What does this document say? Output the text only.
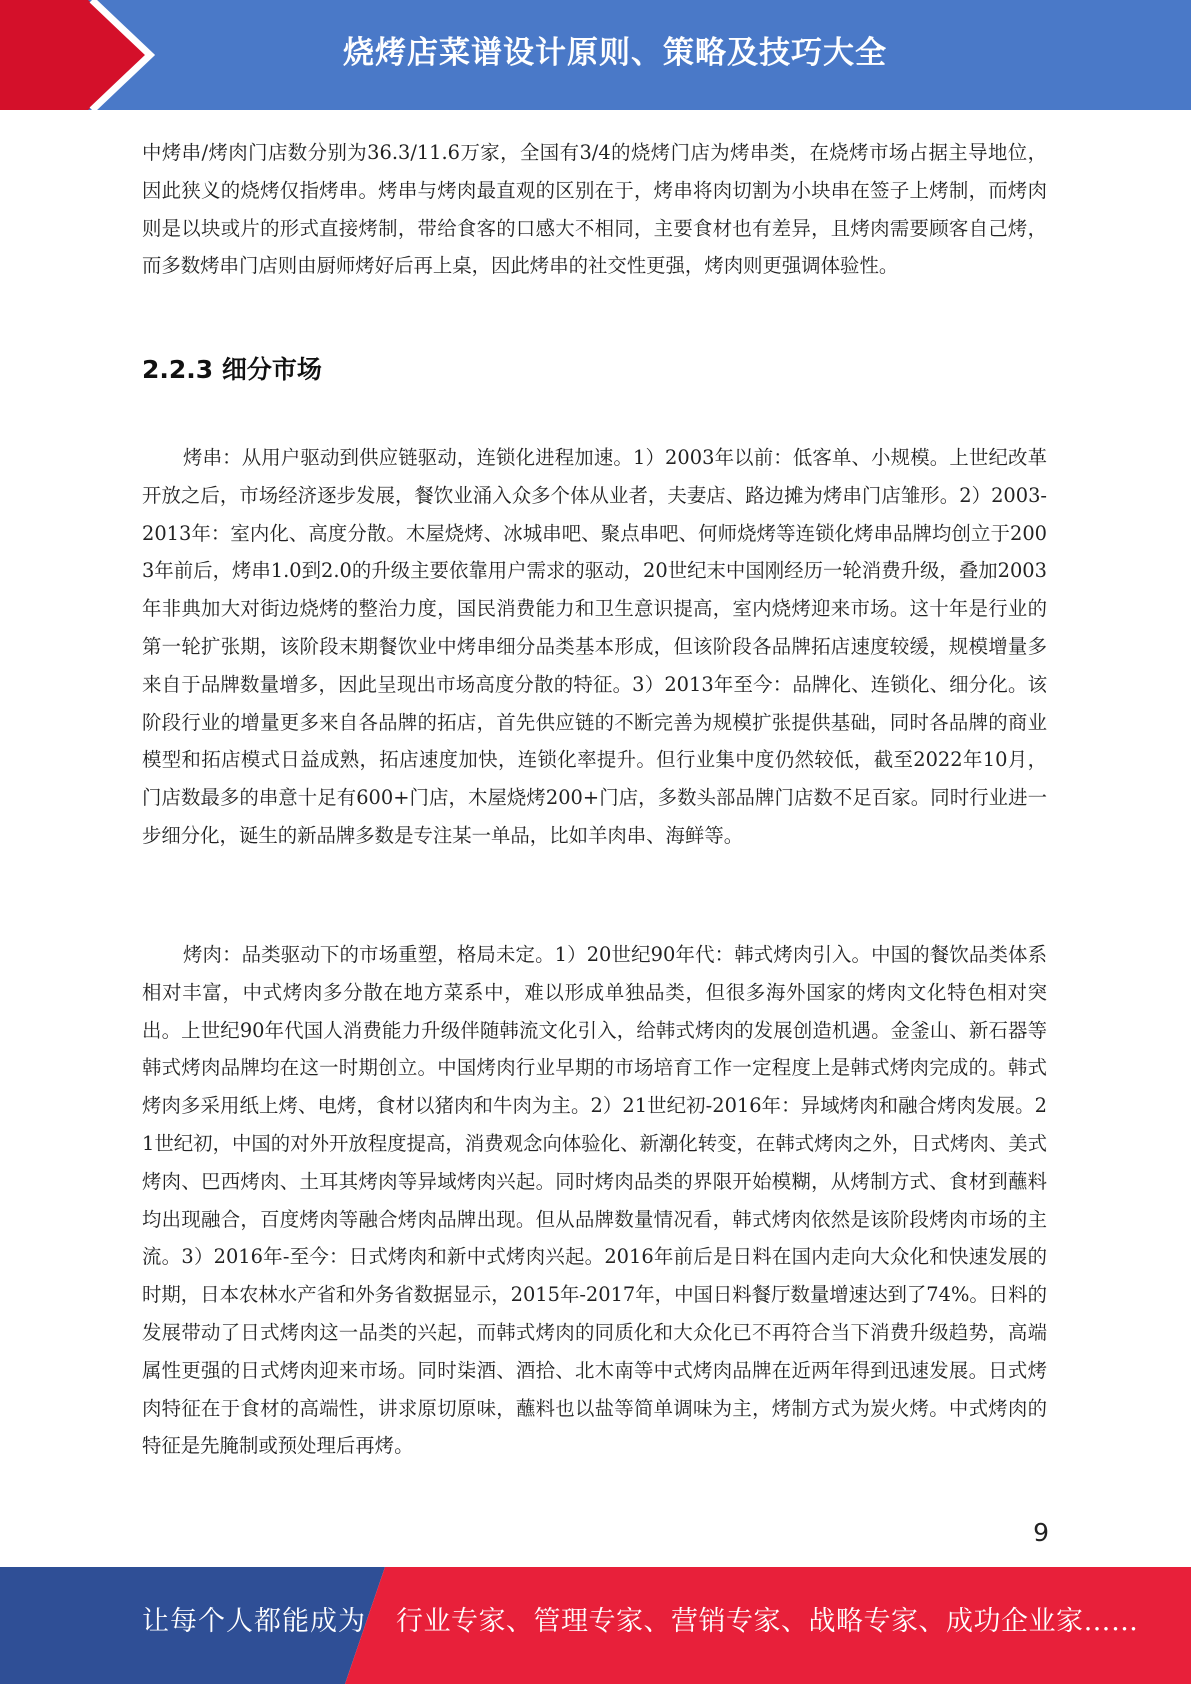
烧烤店菜谱设计原则、策略及技巧大全

中烤串/烤肉门店数分别为36.3/11.6万家，全国有3/4的烧烤门店为烤串类，在烧烤市场占据主导地位，因此狭义的烧烤仅指烤串。烤串与烤肉最直观的区别在于，烤串将肉切割为小块串在签子上烤制，而烤肉则是以块或片的形式直接烤制，带给食客的口感大不相同，主要食材也有差异，且烤肉需要顾客自己烤，而多数烤串门店则由厨师烤好后再上桌，因此烤串的社交性更强，烤肉则更强调体验性。

2.2.3 细分市场

烤串：从用户驱动到供应链驱动，连锁化进程加速。1）2003年以前：低客单、小规模。上世纪改革开放之后，市场经济逐步发展，餐饮业涌入众多个体从业者，夫妻店、路边摊为烤串门店雏形。2）2003-2013年：室内化、高度分散。木屋烧烤、冰城串吧、聚点串吧、何师烧烤等连锁化烤串品牌均创立于2003年前后，烤串1.0到2.0的升级主要依靠用户需求的驱动，20世纪末中国刚经历一轮消费升级，叠加2003年非典加大对街边烧烤的整治力度，国民消费能力和卫生意识提高，室内烧烤迎来市场。这十年是行业的第一轮扩张期，该阶段末期餐饮业中烤串细分品类基本形成，但该阶段各品牌拓店速度较缓，规模增量多来自于品牌数量增多，因此呈现出市场高度分散的特征。3）2013年至今：品牌化、连锁化、细分化。该阶段行业的增量更多来自各品牌的拓店，首先供应链的不断完善为规模扩张提供基础，同时各品牌的商业模型和拓店模式日益成熟，拓店速度加快，连锁化率提升。但行业集中度仍然较低，截至2022年10月，门店数最多的串意十足有600+门店，木屋烧烤200+门店，多数头部品牌门店数不足百家。同时行业进一步细分化，诞生的新品牌多数是专注某一单品，比如羊肉串、海鲜等。

烤肉：品类驱动下的市场重塑，格局未定。1）20世纪90年代：韩式烤肉引入。中国的餐饮品类体系相对丰富，中式烤肉多分散在地方菜系中，难以形成单独品类，但很多海外国家的烤肉文化特色相对突出。上世纪90年代国人消费能力升级伴随韩流文化引入，给韩式烤肉的发展创造机遇。金釜山、新石器等韩式烤肉品牌均在这一时期创立。中国烤肉行业早期的市场培育工作一定程度上是韩式烤肉完成的。韩式烤肉多采用纸上烤、电烤，食材以猪肉和牛肉为主。2）21世纪初-2016年：异域烤肉和融合烤肉发展。21世纪初，中国的对外开放程度提高，消费观念向体验化、新潮化转变，在韩式烤肉之外，日式烤肉、美式烤肉、巴西烤肉、土耳其烤肉等异域烤肉兴起。同时烤肉品类的界限开始模糊，从烤制方式、食材到蘸料均出现融合，百度烤肉等融合烤肉品牌出现。但从品牌数量情况看，韩式烤肉依然是该阶段烤肉市场的主流。3）2016年-至今：日式烤肉和新中式烤肉兴起。2016年前后是日料在国内走向大众化和快速发展的时期，日本农林水产省和外务省数据显示，2015年-2017年，中国日料餐厅数量增速达到了74%。日料的发展带动了日式烤肉这一品类的兴起，而韩式烤肉的同质化和大众化已不再符合当下消费升级趋势，高端属性更强的日式烤肉迎来市场。同时柒酒、酒拾、北木南等中式烤肉品牌在近两年得到迅速发展。日式烤肉特征在于食材的高端性，讲求原切原味，蘸料也以盐等简单调味为主，烤制方式为炭火烤。中式烤肉的特征是先腌制或预处理后再烤。

9
让每个人都能成为 行业专家、管理专家、营销专家、战略专家、成功企业家……
